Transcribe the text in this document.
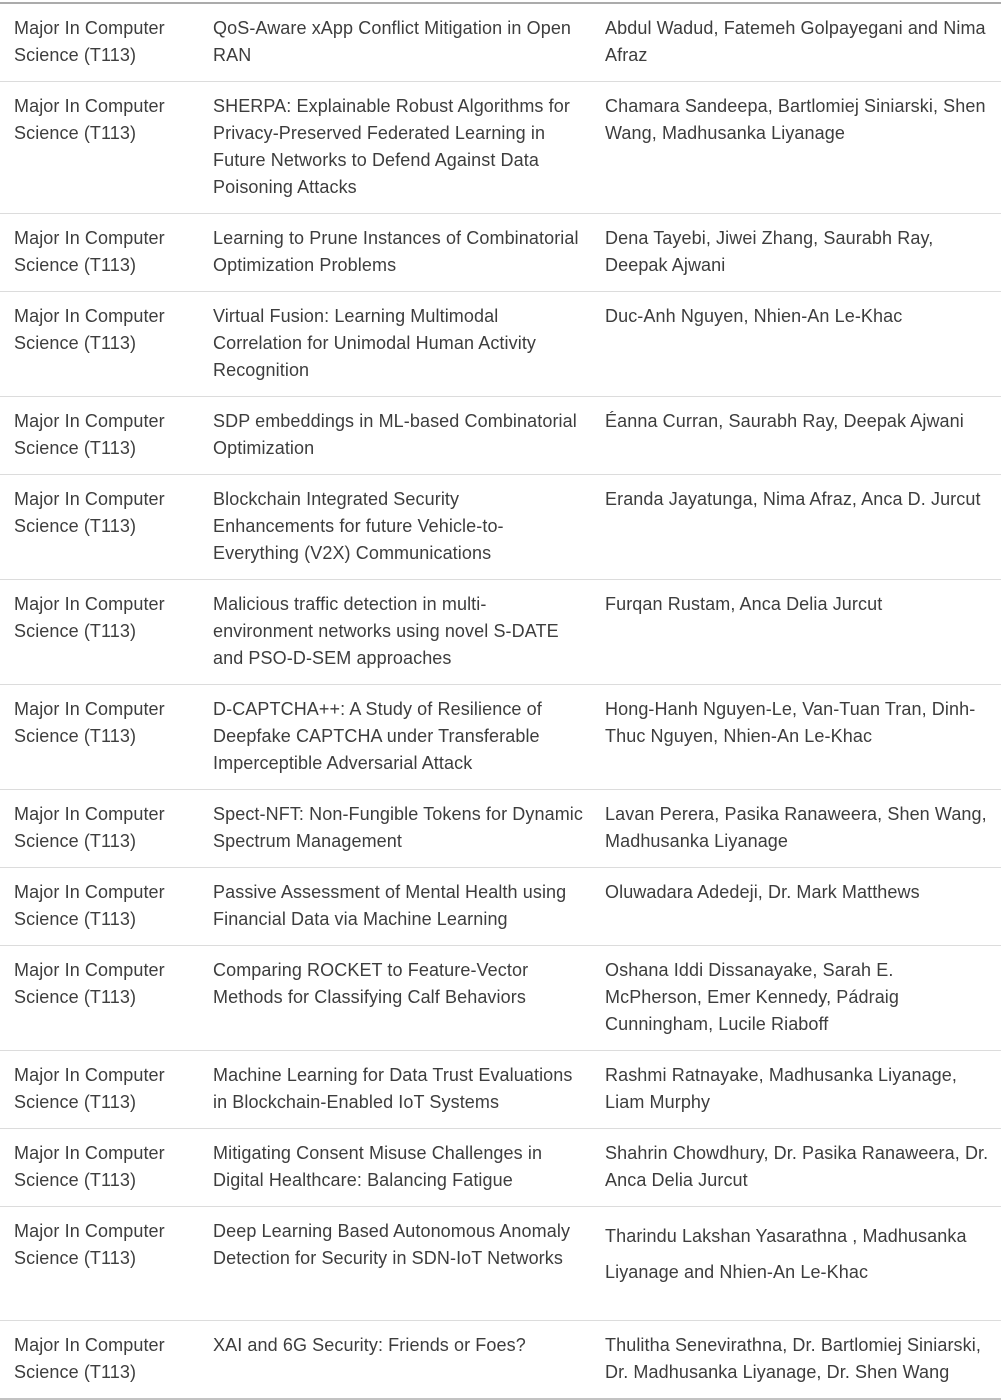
Major In Computer Science (T113)	QoS-Aware xApp Conflict Mitigation in Open RAN	Abdul Wadud, Fatemeh Golpayegani and Nima Afraz
Major In Computer Science (T113)	SHERPA: Explainable Robust Algorithms for Privacy-Preserved Federated Learning in Future Networks to Defend Against Data Poisoning Attacks	Chamara Sandeepa, Bartlomiej Siniarski, Shen Wang, Madhusanka Liyanage
Major In Computer Science (T113)	Learning to Prune Instances of Combinatorial Optimization Problems	Dena Tayebi, Jiwei Zhang, Saurabh Ray, Deepak Ajwani
Major In Computer Science (T113)	Virtual Fusion: Learning Multimodal Correlation for Unimodal Human Activity Recognition	Duc-Anh Nguyen, Nhien-An Le-Khac
Major In Computer Science (T113)	SDP embeddings in ML-based Combinatorial Optimization	Éanna Curran, Saurabh Ray, Deepak Ajwani
Major In Computer Science (T113)	Blockchain Integrated Security Enhancements for future Vehicle-to-Everything (V2X) Communications	Eranda Jayatunga, Nima Afraz, Anca D. Jurcut
Major In Computer Science (T113)	Malicious traffic detection in multi-environment networks using novel S-DATE and PSO-D-SEM approaches	Furqan Rustam, Anca Delia Jurcut
Major In Computer Science (T113)	D-CAPTCHA++: A Study of Resilience of Deepfake CAPTCHA under Transferable Imperceptible Adversarial Attack	Hong-Hanh Nguyen-Le, Van-Tuan Tran, Dinh-Thuc Nguyen, Nhien-An Le-Khac
Major In Computer Science (T113)	Spect-NFT: Non-Fungible Tokens for Dynamic Spectrum Management	Lavan Perera, Pasika Ranaweera, Shen Wang, Madhusanka Liyanage
Major In Computer Science (T113)	Passive Assessment of Mental Health using Financial Data via Machine Learning	Oluwadara Adedeji, Dr. Mark Matthews
Major In Computer Science (T113)	Comparing ROCKET to Feature-Vector Methods for Classifying Calf Behaviors	Oshana Iddi Dissanayake, Sarah E. McPherson, Emer Kennedy, Pádraig Cunningham, Lucile Riaboff
Major In Computer Science (T113)	Machine Learning for Data Trust Evaluations in Blockchain-Enabled IoT Systems	Rashmi Ratnayake, Madhusanka Liyanage, Liam Murphy
Major In Computer Science (T113)	Mitigating Consent Misuse Challenges in Digital Healthcare: Balancing Fatigue	Shahrin Chowdhury, Dr. Pasika Ranaweera, Dr. Anca Delia Jurcut
Major In Computer Science (T113)	Deep Learning Based Autonomous Anomaly Detection for Security in SDN-IoT Networks	Tharindu Lakshan Yasarathna , Madhusanka Liyanage and Nhien-An Le-Khac
Major In Computer Science (T113)	XAI and 6G Security: Friends or Foes?	Thulitha Senevirathna, Dr. Bartlomiej Siniarski, Dr. Madhusanka Liyanage, Dr. Shen Wang
